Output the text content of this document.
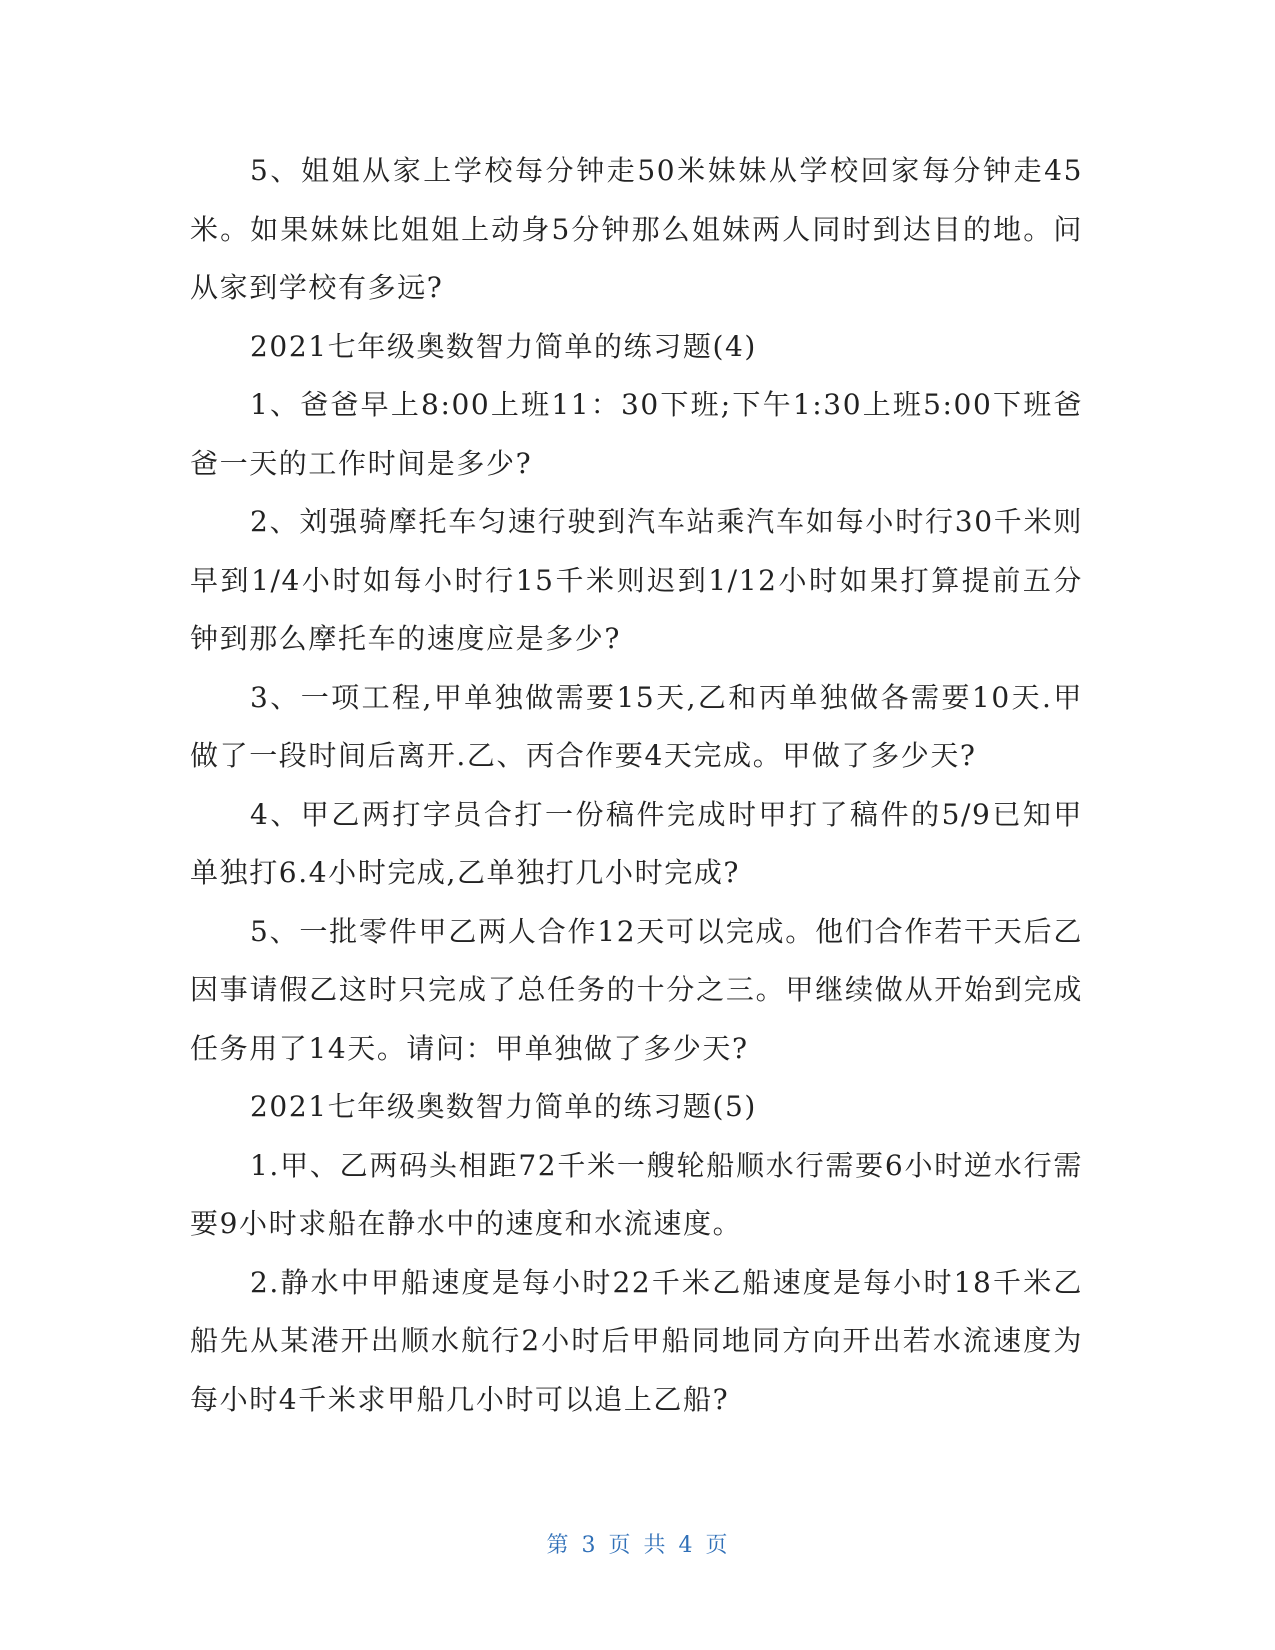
5、姐姐从家上学校每分钟走50米妹妹从学校回家每分钟走45米。如果妹妹比姐姐上动身5分钟那么姐妹两人同时到达目的地。问从家到学校有多远?

2021七年级奥数智力简单的练习题(4)

1、爸爸早上8:00上班11：30下班;下午1:30上班5:00下班爸爸一天的工作时间是多少?

2、刘强骑摩托车匀速行驶到汽车站乘汽车如每小时行30千米则早到1/4小时如每小时行15千米则迟到1/12小时如果打算提前五分钟到那么摩托车的速度应是多少?

3、一项工程,甲单独做需要15天,乙和丙单独做各需要10天.甲做了一段时间后离开.乙、丙合作要4天完成。甲做了多少天?

4、甲乙两打字员合打一份稿件完成时甲打了稿件的5/9已知甲单独打6.4小时完成,乙单独打几小时完成?

5、一批零件甲乙两人合作12天可以完成。他们合作若干天后乙因事请假乙这时只完成了总任务的十分之三。甲继续做从开始到完成任务用了14天。请问：甲单独做了多少天?

2021七年级奥数智力简单的练习题(5)

1.甲、乙两码头相距72千米一艘轮船顺水行需要6小时逆水行需要9小时求船在静水中的速度和水流速度。

2.静水中甲船速度是每小时22千米乙船速度是每小时18千米乙船先从某港开出顺水航行2小时后甲船同地同方向开出若水流速度为每小时4千米求甲船几小时可以追上乙船?

第 3 页 共 4 页
